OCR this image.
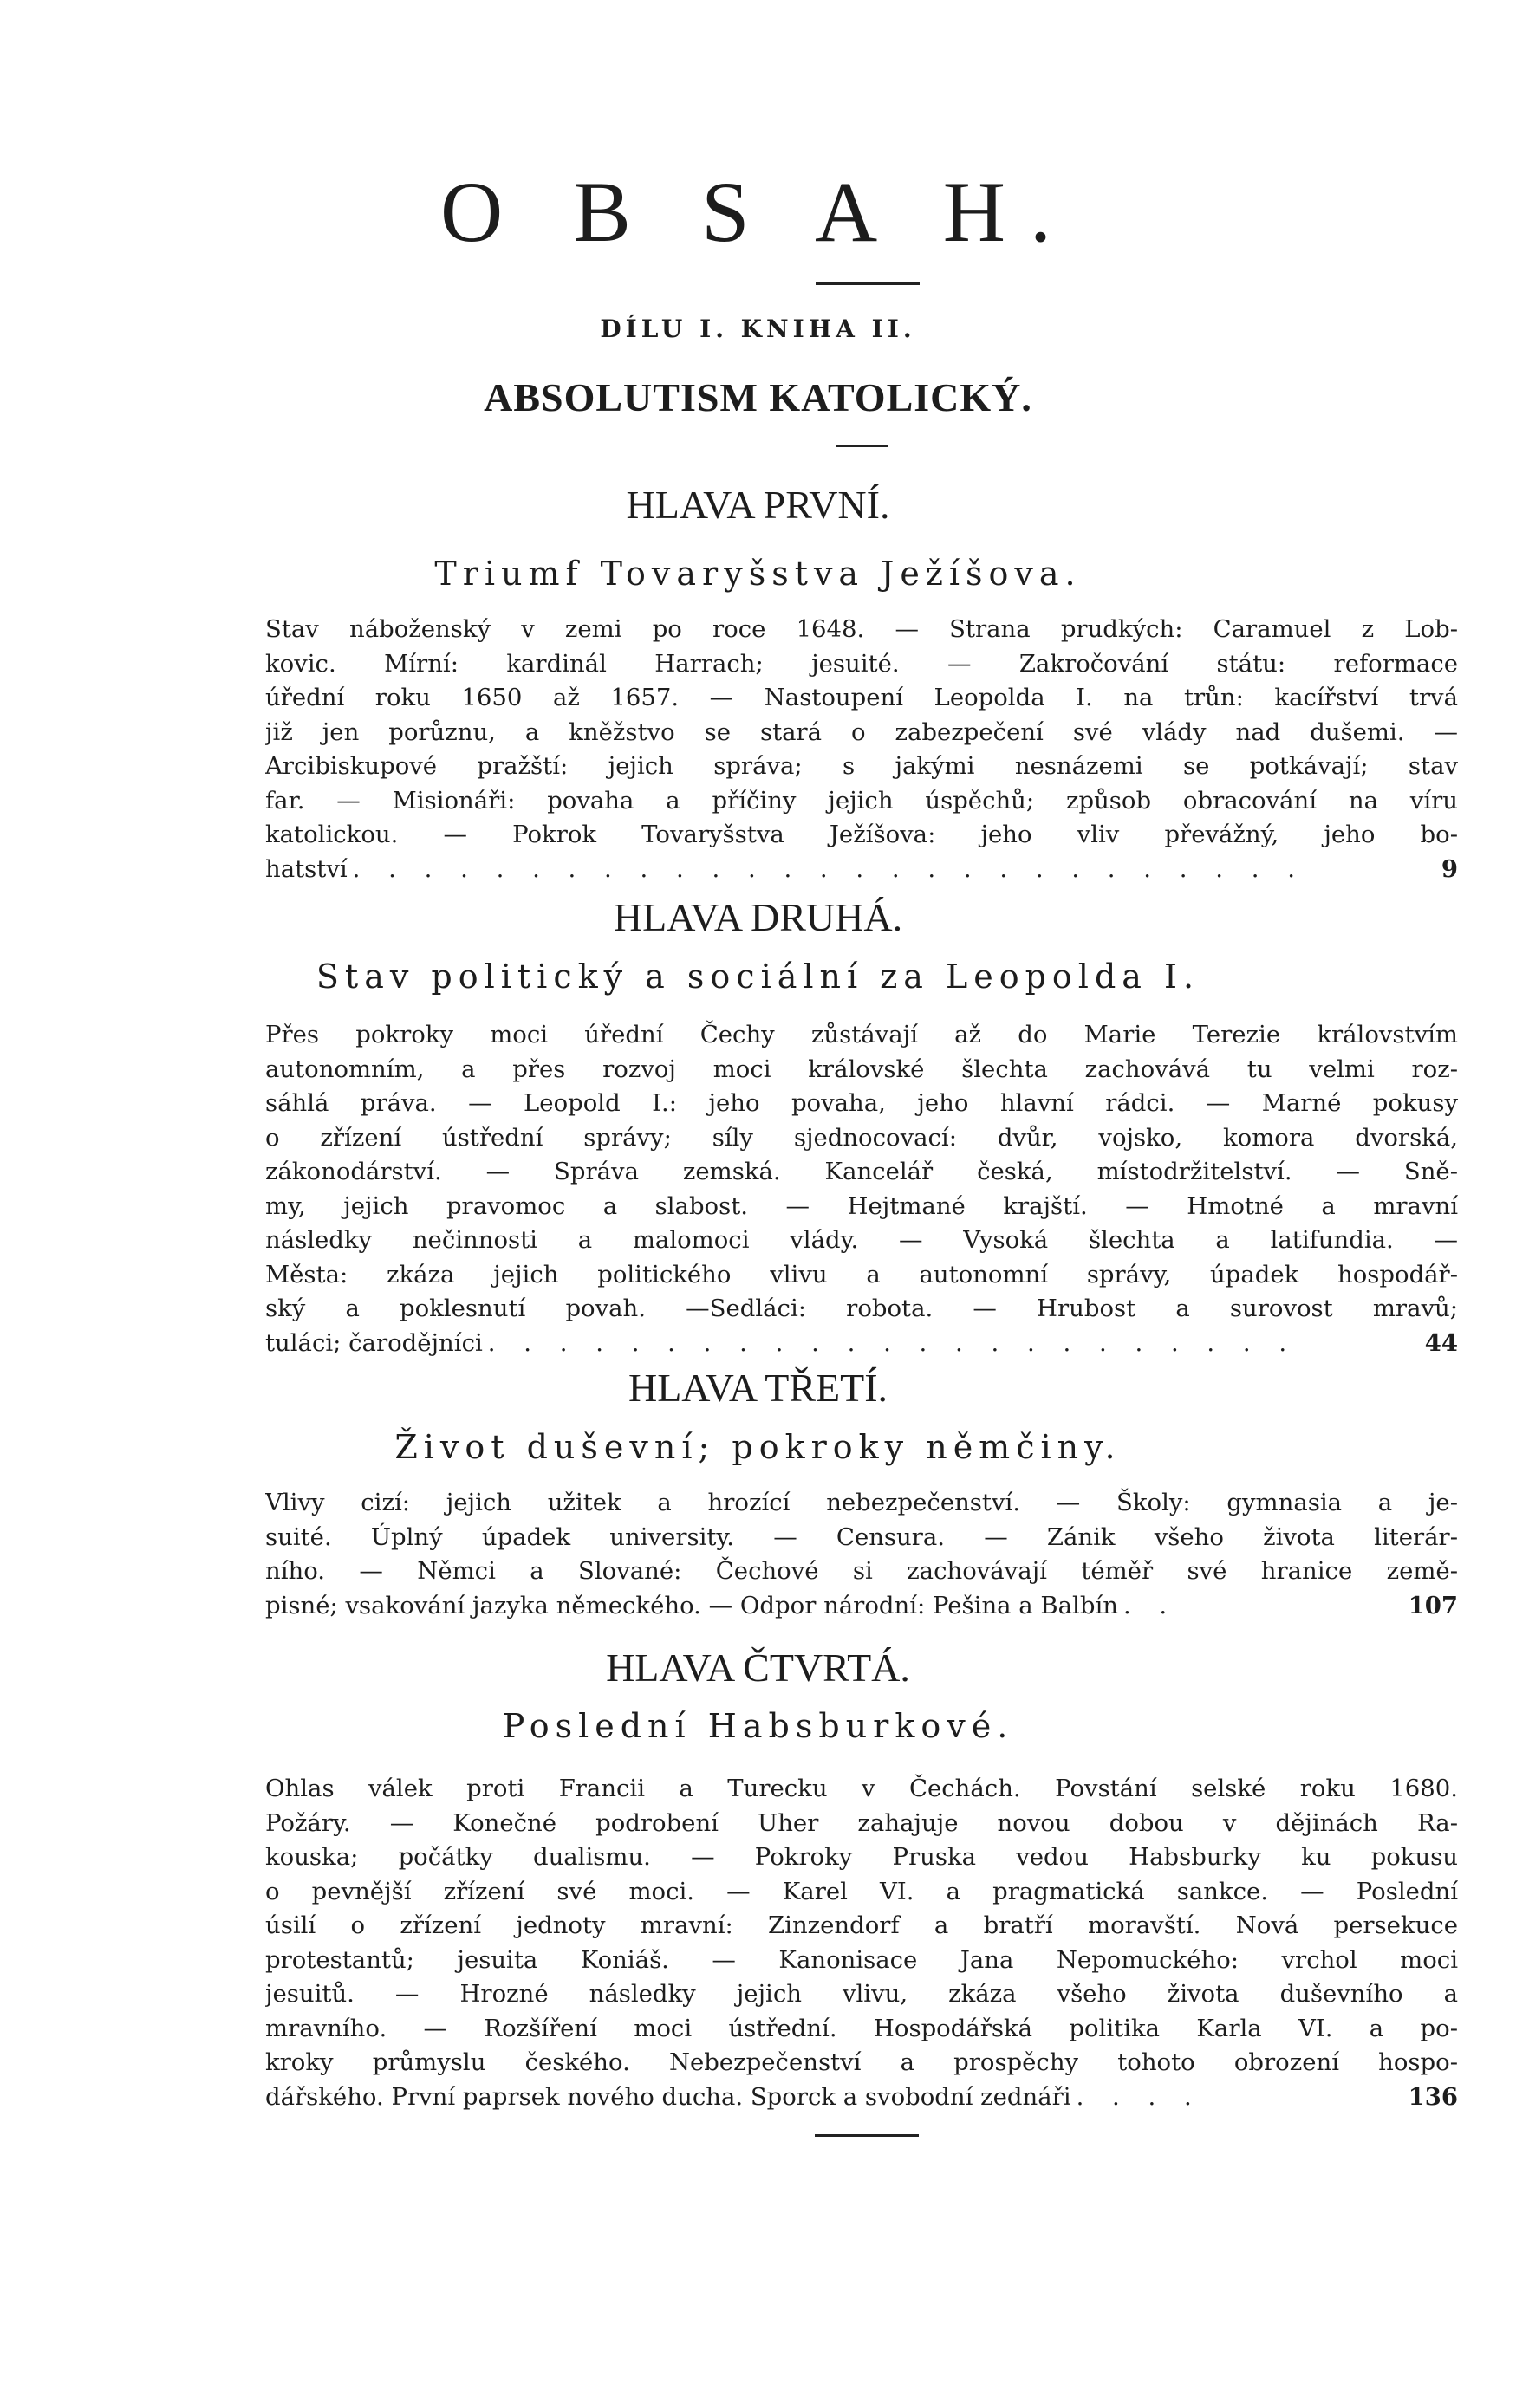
O B S A H.
DÍLU I. KNIHA II.
ABSOLUTISM KATOLICKÝ.
HLAVA PRVNÍ.
Triumf Tovaryšstva Ježíšova.
Stav náboženský v zemi po roce 1648. — Strana prudkých: Caramuel z Lob-
kovic. Mírní: kardinál Harrach; jesuité. — Zakročování státu: reformace
úřední roku 1650 až 1657. — Nastoupení Leopolda I. na trůn: kacířství trvá
již jen porůznu, a kněžstvo se stará o zabezpečení své vlády nad dušemi. —
Arcibiskupové pražští: jejich správa; s jakými nesnázemi se potkávají; stav
far. — Misionáři: povaha a příčiny jejich úspěchů; způsob obracování na víru
katolickou. — Pokrok Tovaryšstva Ježíšova: jeho vliv převážný, jeho bo-
hatství . . . . . . . . . . . . . . . . . . . . . . . . . . .	9
HLAVA DRUHÁ.
Stav politický a sociální za Leopolda I.
Přes pokroky moci úřední Čechy zůstávají až do Marie Terezie královstvím
autonomním, a přes rozvoj moci královské šlechta zachovává tu velmi roz-
sáhlá práva. — Leopold I.: jeho povaha, jeho hlavní rádci. — Marné pokusy
o zřízení ústřední správy; síly sjednocovací: dvůr, vojsko, komora dvorská,
zákonodárství. — Správa zemská. Kancelář česká, místodržitelství. — Sně-
my, jejich pravomoc a slabost. — Hejtmané krajští. — Hmotné a mravní
následky nečinnosti a malomoci vlády. — Vysoká šlechta a latifundia. —
Města: zkáza jejich politického vlivu a autonomní správy, úpadek hospodář-
ský a poklesnutí povah. —Sedláci: robota. — Hrubost a surovost mravů;
tuláci; čarodějníci . . . . . . . . . . . . . . . . . . . . . . .	44
HLAVA TŘETÍ.
Život duševní; pokroky němčiny.
Vlivy cizí: jejich užitek a hrozící nebezpečenství. — Školy: gymnasia a je-
suité. Úplný úpadek university. — Censura. — Zánik všeho života literár-
ního. — Němci a Slované: Čechové si zachovávají téměř své hranice země-
pisné; vsakování jazyka německého. — Odpor národní: Pešina a Balbín . .	107
HLAVA ČTVRTÁ.
Poslední Habsburkové.
Ohlas válek proti Francii a Turecku v Čechách. Povstání selské roku 1680.
Požáry. — Konečné podrobení Uher zahajuje novou dobou v dějinách Ra-
kouska; počátky dualismu. — Pokroky Pruska vedou Habsburky ku pokusu
o pevnější zřízení své moci. — Karel VI. a pragmatická sankce. — Poslední
úsilí o zřízení jednoty mravní: Zinzendorf a bratří moravští. Nová persekuce
protestantů; jesuita Koniáš. — Kanonisace Jana Nepomuckého: vrchol moci
jesuitů. — Hrozné následky jejich vlivu, zkáza všeho života duševního a
mravního. — Rozšíření moci ústřední. Hospodářská politika Karla VI. a po-
kroky průmyslu českého. Nebezpečenství a prospěchy tohoto obrození hospo-
dářského. První paprsek nového ducha. Sporck a svobodní zednáři . . . .	136
